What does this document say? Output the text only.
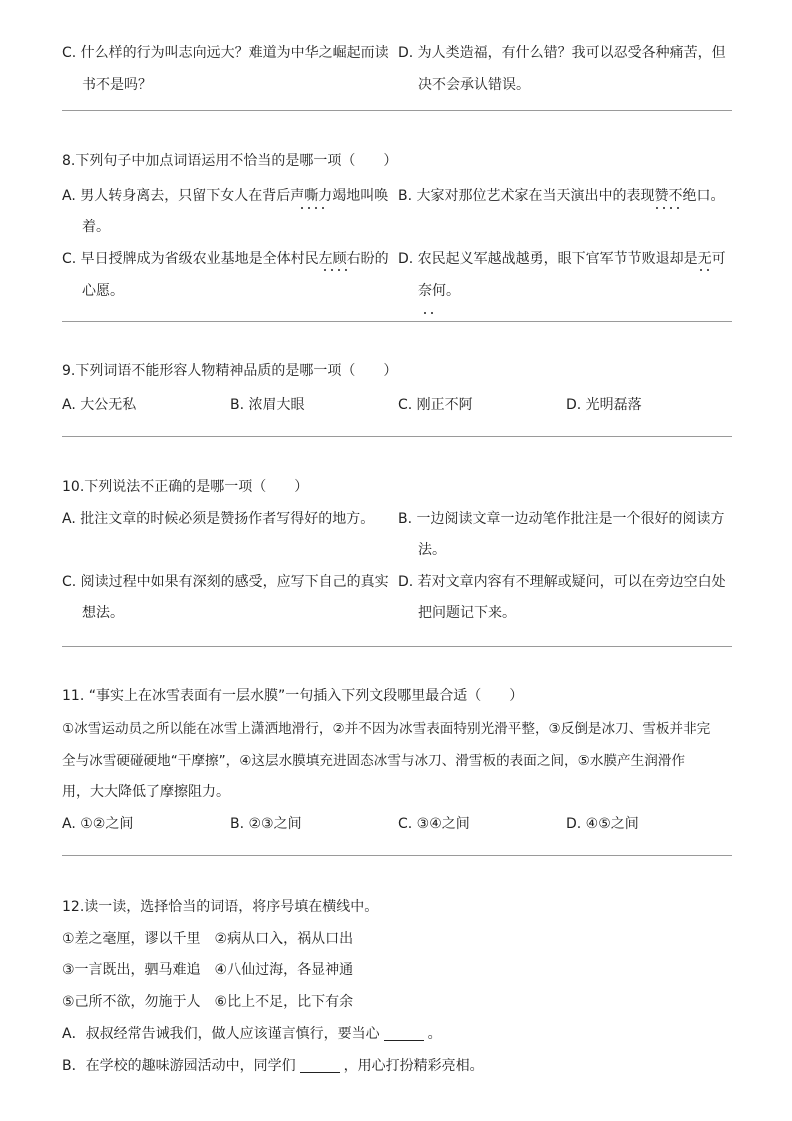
C. 什么样的行为叫志向远大？难道为中华之崛起而读
书不是吗？
D. 为人类造福，有什么错？我可以忍受各种痛苦，但
决不会承认错误。
8.下列句子中加点词语运用不恰当的是哪一项（　　）
A. 男人转身离去，只留下女人在背后声嘶力竭地叫唤
着。
B. 大家对那位艺术家在当天演出中的表现赞不绝口。
C. 早日授牌成为省级农业基地是全体村民左顾右盼的
心愿。
D. 农民起义军越战越勇，眼下官军节节败退却是无可
奈何。
9.下列词语不能形容人物精神品质的是哪一项（　　）
A. 大公无私	B. 浓眉大眼	C. 刚正不阿	D. 光明磊落
10.下列说法不正确的是哪一项（　　）
A. 批注文章的时候必须是赞扬作者写得好的地方。 B. 一边阅读文章一边动笔作批注是一个很好的阅读方
法。
C. 阅读过程中如果有深刻的感受，应写下自己的真实
想法。
D. 若对文章内容有不理解或疑问，可以在旁边空白处
把问题记下来。
11. “事实上在冰雪表面有一层水膜”一句插入下列文段哪里最合适（　　）
①冰雪运动员之所以能在冰雪上潇洒地滑行，②并不因为冰雪表面特别光滑平整，③反倒是冰刀、雪板并非完
全与冰雪硬碰硬地“干摩擦”，④这层水膜填充进固态冰雪与冰刀、滑雪板的表面之间，⑤水膜产生润滑作
用，大大降低了摩擦阻力。
A. ①②之间	B. ②③之间	C. ③④之间	D. ④⑤之间
12.读一读，选择恰当的词语，将序号填在横线中。
①差之毫厘，谬以千里　②病从口入，祸从口出
③一言既出，驷马难追　④八仙过海，各显神通
⑤己所不欲，勿施于人　⑥比上不足，比下有余
A．叔叔经常告诫我们，做人应该谨言慎行，要当心	。
B．在学校的趣味游园活动中，同学们	，用心打扮精彩亮相。
